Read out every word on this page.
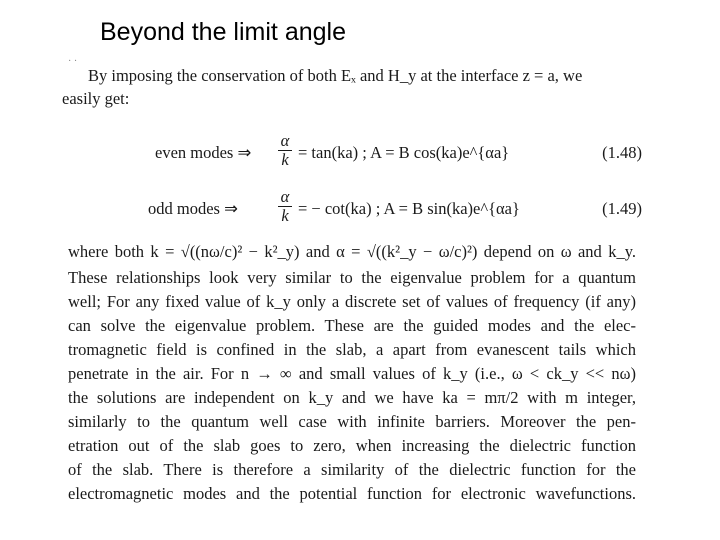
Beyond the limit angle
· ·
By imposing the conservation of both Eₓ and H_y at the interface z = a, we
easily get:
even modes ⇒
α
k = tan(ka) ; A = B cos(ka)e^{αa}	(1.48)
odd modes ⇒
α
k = − cot(ka) ; A = B sin(ka)e^{αa}	(1.49)
where both k = √((nω/c)² − k²_y) and α = √((k²_y − ω/c)²) depend on ω and k_y.
These relationships look very similar to the eigenvalue problem for a quantum
well; For any fixed value of k_y only a discrete set of values of frequency (if any)
can solve the eigenvalue problem. These are the guided modes and the elec-
tromagnetic field is confined in the slab, a apart from evanescent tails which
penetrate in the air. For n → ∞ and small values of k_y (i.e., ω < ck_y << nω)
the solutions are independent on k_y and we have ka = mπ/2 with m integer,
similarly to the quantum well case with infinite barriers. Moreover the pen-
etration out of the slab goes to zero, when increasing the dielectric function
of the slab. There is therefore a similarity of the dielectric function for the
electromagnetic modes and the potential function for electronic wavefunctions.
